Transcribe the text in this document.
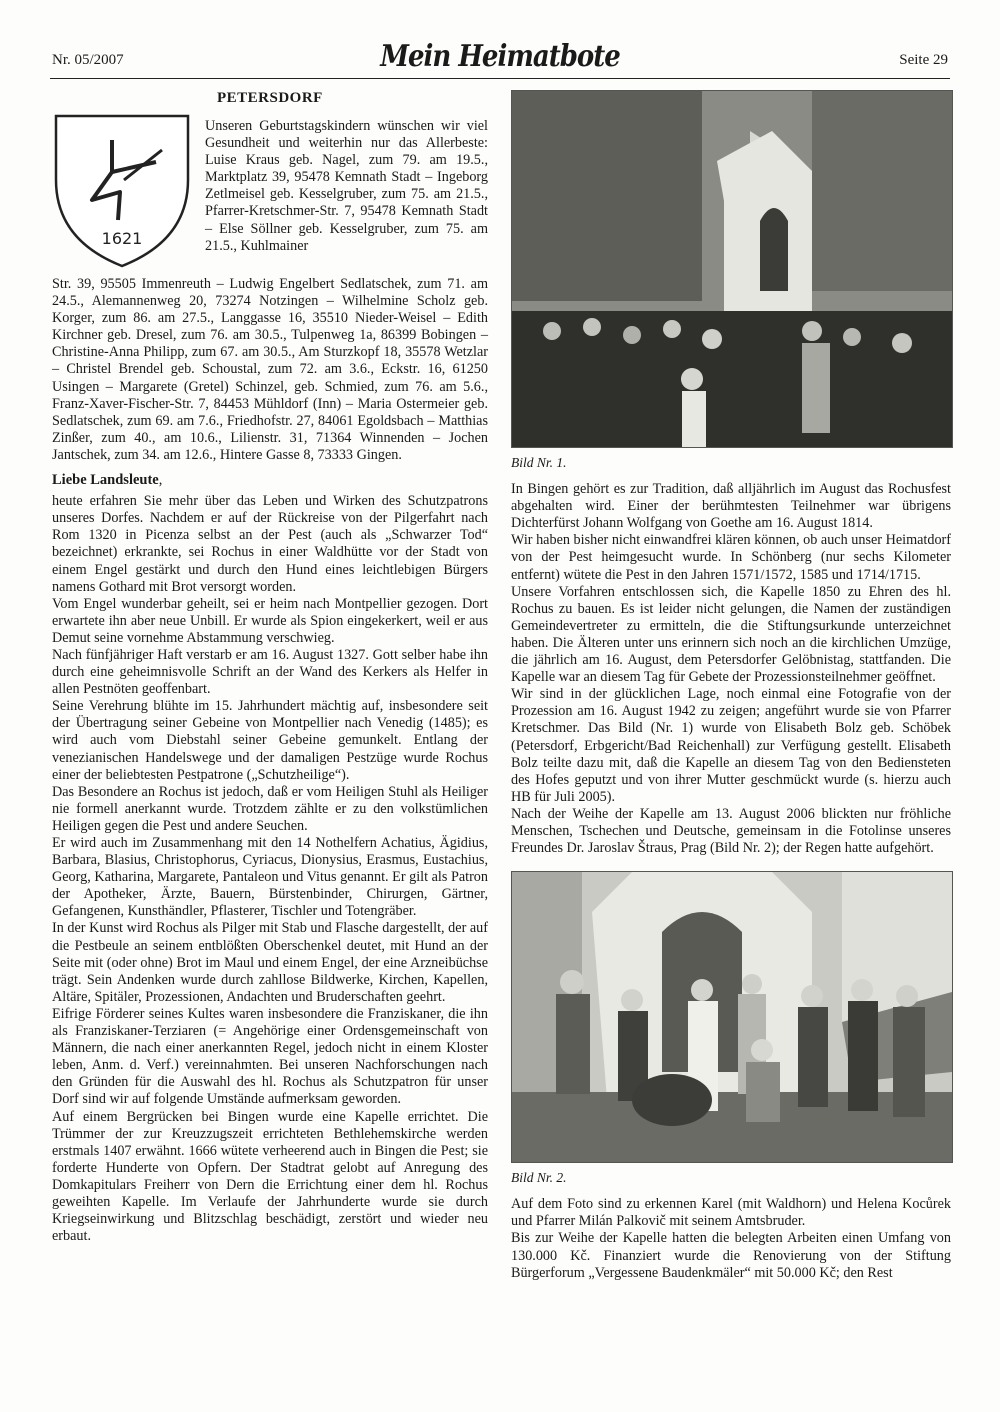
Nr. 05/2007	Mein Heimatbote	Seite 29
1621
PETERSDORF

Unseren Geburtstagskindern wünschen wir viel Gesundheit und weiterhin nur das Allerbeste: Luise Kraus geb. Nagel, zum 79. am 19.5., Marktplatz 39, 95478 Kemnath Stadt – Ingeborg Zetlmeisel geb. Kesselgruber, zum 75. am 21.5., Pfarrer-Kretschmer-Str. 7, 95478 Kemnath Stadt – Else Söllner geb. Kesselgruber, zum 75. am 21.5., Kuhlmainer

Str. 39, 95505 Immenreuth – Ludwig Engelbert Sedlatschek, zum 71. am 24.5., Alemannenweg 20, 73274 Notzingen – Wilhelmine Scholz geb. Korger, zum 86. am 27.5., Langgasse 16, 35510 Nieder-Weisel – Edith Kirchner geb. Dresel, zum 76. am 30.5., Tulpenweg 1a, 86399 Bobingen – Christine-Anna Philipp, zum 67. am 30.5., Am Sturzkopf 18, 35578 Wetzlar – Christel Brendel geb. Schoustal, zum 72. am 3.6., Eckstr. 16, 61250 Usingen – Margarete (Gretel) Schinzel, geb. Schmied, zum 76. am 5.6., Franz-Xaver-Fischer-Str. 7, 84453 Mühldorf (Inn) – Maria Ostermeier geb. Sedlatschek, zum 69. am 7.6., Friedhofstr. 27, 84061 Egoldsbach – Matthias Zinßer, zum 40., am 10.6., Lilienstr. 31, 71364 Winnenden – Jochen Jantschek, zum 34. am 12.6., Hintere Gasse 8, 73333 Gingen.

Liebe Landsleute,

heute erfahren Sie mehr über das Leben und Wirken des Schutzpatrons unseres Dorfes. Nachdem er auf der Rückreise von der Pilgerfahrt nach Rom 1320 in Picenza selbst an der Pest (auch als „Schwarzer Tod“ bezeichnet) erkrankte, sei Rochus in einer Waldhütte vor der Stadt von einem Engel gestärkt und durch den Hund eines leichtlebigen Bürgers namens Gothard mit Brot versorgt worden.

Vom Engel wunderbar geheilt, sei er heim nach Montpellier gezogen. Dort erwartete ihn aber neue Unbill. Er wurde als Spion eingekerkert, weil er aus Demut seine vornehme Abstammung verschwieg.

Nach fünfjähriger Haft verstarb er am 16. August 1327. Gott selber habe ihn durch eine geheimnisvolle Schrift an der Wand des Kerkers als Helfer in allen Pestnöten geoffenbart.

Seine Verehrung blühte im 15. Jahrhundert mächtig auf, insbesondere seit der Übertragung seiner Gebeine von Montpellier nach Venedig (1485); es wird auch vom Diebstahl seiner Gebeine gemunkelt. Entlang der venezianischen Handelswege und der damaligen Pestzüge wurde Rochus einer der beliebtesten Pestpatrone („Schutzheilige“).

Das Besondere an Rochus ist jedoch, daß er vom Heiligen Stuhl als Heiliger nie formell anerkannt wurde. Trotzdem zählte er zu den volkstümlichen Heiligen gegen die Pest und andere Seuchen.

Er wird auch im Zusammenhang mit den 14 Nothelfern Achatius, Ägidius, Barbara, Blasius, Christophorus, Cyriacus, Dionysius, Erasmus, Eustachius, Georg, Katharina, Margarete, Pantaleon und Vitus genannt. Er gilt als Patron der Apotheker, Ärzte, Bauern, Bürstenbinder, Chirurgen, Gärtner, Gefangenen, Kunsthändler, Pflasterer, Tischler und Totengräber.

In der Kunst wird Rochus als Pilger mit Stab und Flasche dargestellt, der auf die Pestbeule an seinem entblößten Oberschenkel deutet, mit Hund an der Seite mit (oder ohne) Brot im Maul und einem Engel, der eine Arzneibüchse trägt. Sein Andenken wurde durch zahllose Bildwerke, Kirchen, Kapellen, Altäre, Spitäler, Prozessionen, Andachten und Bruderschaften geehrt.

Eifrige Förderer seines Kultes waren insbesondere die Franziskaner, die ihn als Franziskaner-Terziaren (= Angehörige einer Ordensgemeinschaft von Männern, die nach einer anerkannten Regel, jedoch nicht in einem Kloster leben, Anm. d. Verf.) vereinnahmten. Bei unseren Nachforschungen nach den Gründen für die Auswahl des hl. Rochus als Schutzpatron für unser Dorf sind wir auf folgende Umstände aufmerksam geworden.

Auf einem Bergrücken bei Bingen wurde eine Kapelle errichtet. Die Trümmer der zur Kreuzzugszeit errichteten Bethlehemskirche werden erstmals 1407 erwähnt. 1666 wütete verheerend auch in Bingen die Pest; sie forderte Hunderte von Opfern. Der Stadtrat gelobt auf Anregung des Domkapitulars Freiherr von Dern die Errichtung einer dem hl. Rochus geweihten Kapelle. Im Verlaufe der Jahrhunderte wurde sie durch Kriegseinwirkung und Blitzschlag beschädigt, zerstört und wieder neu erbaut.

Bild Nr. 1.

In Bingen gehört es zur Tradition, daß alljährlich im August das Rochusfest abgehalten wird. Einer der berühmtesten Teilnehmer war übrigens Dichterfürst Johann Wolfgang von Goethe am 16. August 1814.

Wir haben bisher nicht einwandfrei klären können, ob auch unser Heimatdorf von der Pest heimgesucht wurde. In Schönberg (nur sechs Kilometer entfernt) wütete die Pest in den Jahren 1571/1572, 1585 und 1714/1715.

Unsere Vorfahren entschlossen sich, die Kapelle 1850 zu Ehren des hl. Rochus zu bauen. Es ist leider nicht gelungen, die Namen der zuständigen Gemeindevertreter zu ermitteln, die die Stiftungsurkunde unterzeichnet haben. Die Älteren unter uns erinnern sich noch an die kirchlichen Umzüge, die jährlich am 16. August, dem Petersdorfer Gelöbnistag, stattfanden. Die Kapelle war an diesem Tag für Gebete der Prozessionsteilnehmer geöffnet.

Wir sind in der glücklichen Lage, noch einmal eine Fotografie von der Prozession am 16. August 1942 zu zeigen; angeführt wurde sie von Pfarrer Kretschmer. Das Bild (Nr. 1) wurde von Elisabeth Bolz geb. Schöbek (Petersdorf, Erbgericht/Bad Reichenhall) zur Verfügung gestellt. Elisabeth Bolz teilte dazu mit, daß die Kapelle an diesem Tag von den Bediensteten des Hofes geputzt und von ihrer Mutter geschmückt wurde (s. hierzu auch HB für Juli 2005).

Nach der Weihe der Kapelle am 13. August 2006 blickten nur fröhliche Menschen, Tschechen und Deutsche, gemeinsam in die Fotolinse unseres Freundes Dr. Jaroslav Štraus, Prag (Bild Nr. 2); der Regen hatte aufgehört.

Bild Nr. 2.

Auf dem Foto sind zu erkennen Karel (mit Waldhorn) und Helena Kocůrek und Pfarrer Milán Palkovič mit seinem Amtsbruder.

Bis zur Weihe der Kapelle hatten die belegten Arbeiten einen Umfang von 130.000 Kč. Finanziert wurde die Renovierung von der Stiftung Bürgerforum „Vergessene Baudenkmäler“ mit 50.000 Kč; den Rest
